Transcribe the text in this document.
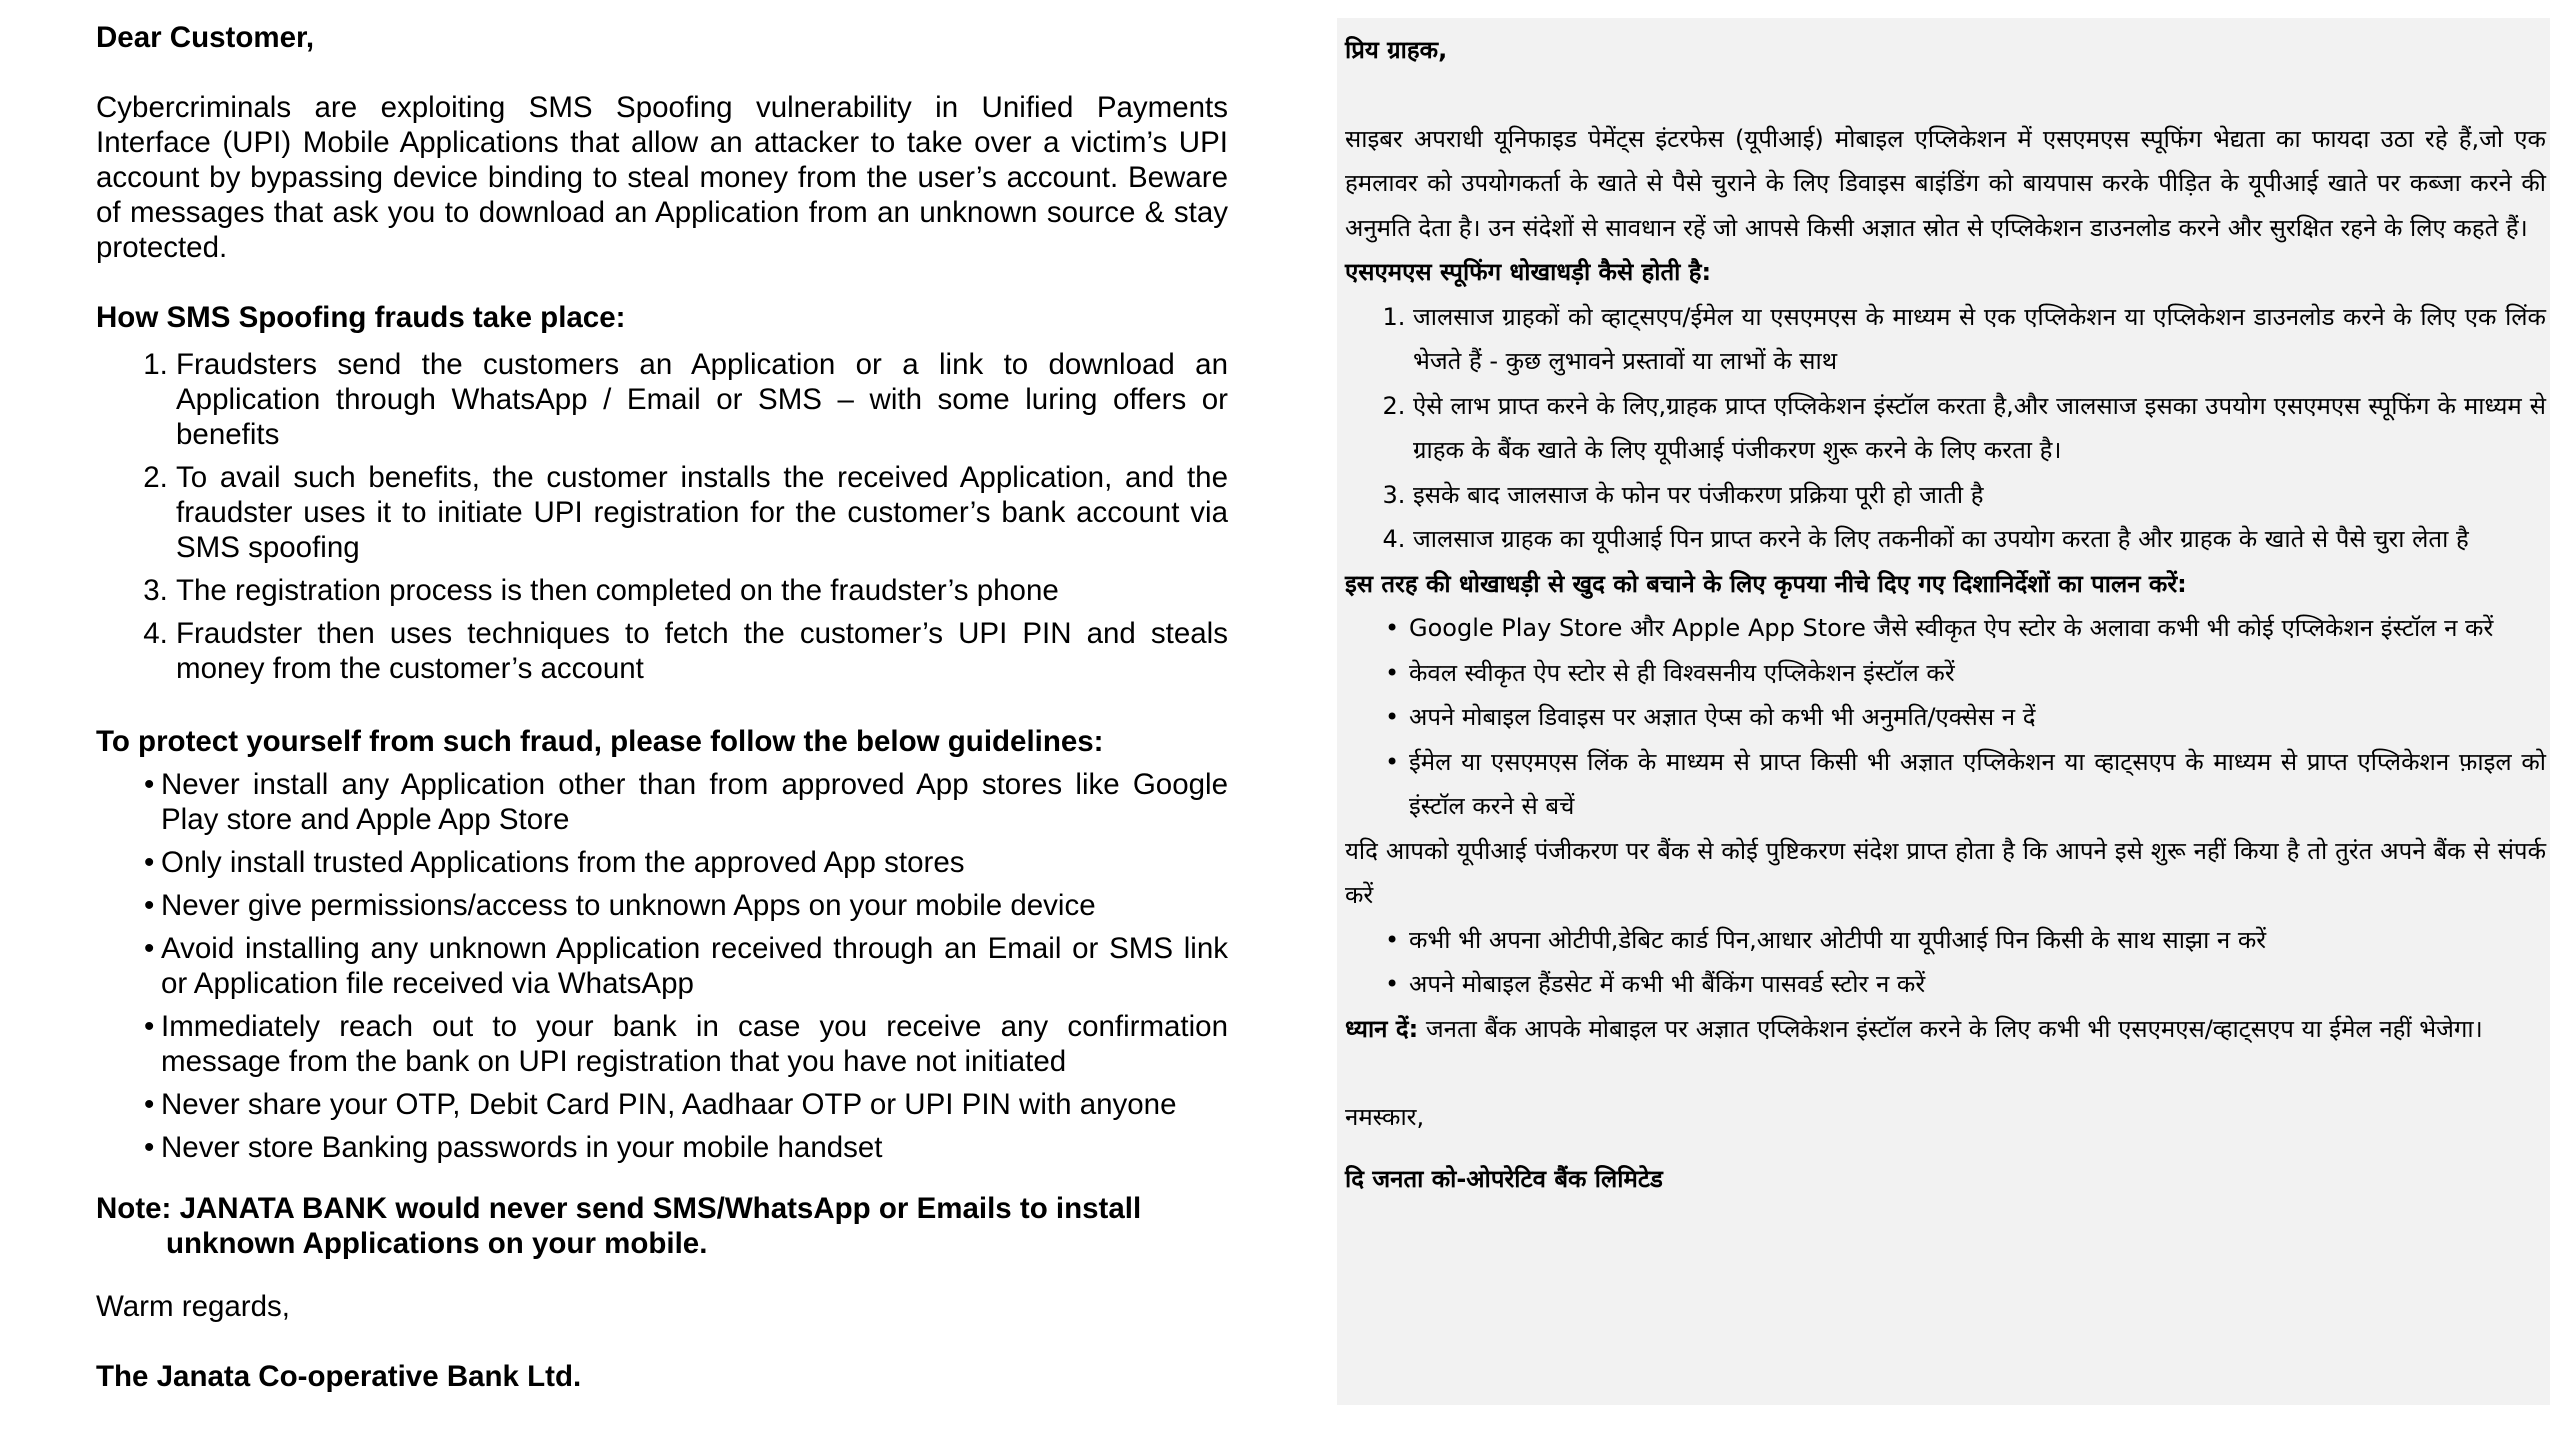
Dear Customer,

Cybercriminals are exploiting SMS Spoofing vulnerability in Unified Payments Interface (UPI) Mobile Applications that allow an attacker to take over a victim’s UPI account by bypassing device binding to steal money from the user’s account. Beware of messages that ask you to download an Application from an unknown source & stay protected.

How SMS Spoofing frauds take place:

1. Fraudsters send the customers an Application or a link to download an Application through WhatsApp / Email or SMS – with some luring offers or benefits
2. To avail such benefits, the customer installs the received Application, and the fraudster uses it to initiate UPI registration for the customer’s bank account via SMS spoofing
3. The registration process is then completed on the fraudster’s phone
4. Fraudster then uses techniques to fetch the customer’s UPI PIN and steals money from the customer’s account

To protect yourself from such fraud, please follow the below guidelines:

• Never install any Application other than from approved App stores like Google Play store and Apple App Store
• Only install trusted Applications from the approved App stores
• Never give permissions/access to unknown Apps on your mobile device
• Avoid installing any unknown Application received through an Email or SMS link or Application file received via WhatsApp
• Immediately reach out to your bank in case you receive any confirmation message from the bank on UPI registration that you have not initiated
• Never share your OTP, Debit Card PIN, Aadhaar OTP or UPI PIN with anyone
• Never store Banking passwords in your mobile handset

Note: JANATA BANK would never send SMS/WhatsApp or Emails to install

unknown Applications on your mobile.

Warm regards,

The Janata Co-operative Bank Ltd.

प्रिय ग्राहक,

साइबर अपराधी यूनिफाइड पेमेंट्स इंटरफेस (यूपीआई) मोबाइल एप्लिकेशन में एसएमएस स्पूफिंग भेद्यता का फायदा उठा रहे हैं,जो एक हमलावर को उपयोगकर्ता के खाते से पैसे चुराने के लिए डिवाइस बाइंडिंग को बायपास करके पीड़ित के यूपीआई खाते पर कब्जा करने की अनुमति देता है। उन संदेशों से सावधान रहें जो आपसे किसी अज्ञात स्रोत से एप्लिकेशन डाउनलोड करने और सुरक्षित रहने के लिए कहते हैं।

एसएमएस स्पूफिंग धोखाधड़ी कैसे होती है:

1. जालसाज ग्राहकों को व्हाट्सएप/ईमेल या एसएमएस के माध्यम से एक एप्लिकेशन या एप्लिकेशन डाउनलोड करने के लिए एक लिंक भेजते हैं - कुछ लुभावने प्रस्तावों या लाभों के साथ
2. ऐसे लाभ प्राप्त करने के लिए,ग्राहक प्राप्त एप्लिकेशन इंस्टॉल करता है,और जालसाज इसका उपयोग एसएमएस स्पूफिंग के माध्यम से ग्राहक के बैंक खाते के लिए यूपीआई पंजीकरण शुरू करने के लिए करता है।
3. इसके बाद जालसाज के फोन पर पंजीकरण प्रक्रिया पूरी हो जाती है
4. जालसाज ग्राहक का यूपीआई पिन प्राप्त करने के लिए तकनीकों का उपयोग करता है और ग्राहक के खाते से पैसे चुरा लेता है

इस तरह की धोखाधड़ी से खुद को बचाने के लिए कृपया नीचे दिए गए दिशानिर्देशों का पालन करें:

• Google Play Store और Apple App Store जैसे स्वीकृत ऐप स्टोर के अलावा कभी भी कोई एप्लिकेशन इंस्टॉल न करें
• केवल स्वीकृत ऐप स्टोर से ही विश्वसनीय एप्लिकेशन इंस्टॉल करें
• अपने मोबाइल डिवाइस पर अज्ञात ऐप्स को कभी भी अनुमति/एक्सेस न दें
• ईमेल या एसएमएस लिंक के माध्यम से प्राप्त किसी भी अज्ञात एप्लिकेशन या व्हाट्सएप के माध्यम से प्राप्त एप्लिकेशन फ़ाइल को इंस्टॉल करने से बचें

यदि आपको यूपीआई पंजीकरण पर बैंक से कोई पुष्टिकरण संदेश प्राप्त होता है कि आपने इसे शुरू नहीं किया है तो तुरंत अपने बैंक से संपर्क करें

• कभी भी अपना ओटीपी,डेबिट कार्ड पिन,आधार ओटीपी या यूपीआई पिन किसी के साथ साझा न करें
• अपने मोबाइल हैंडसेट में कभी भी बैंकिंग पासवर्ड स्टोर न करें

ध्यान दें: जनता बैंक आपके मोबाइल पर अज्ञात एप्लिकेशन इंस्टॉल करने के लिए कभी भी एसएमएस/व्हाट्सएप या ईमेल नहीं भेजेगा।

नमस्कार,

दि जनता को-ओपरेटिव बैंक लिमिटेड
